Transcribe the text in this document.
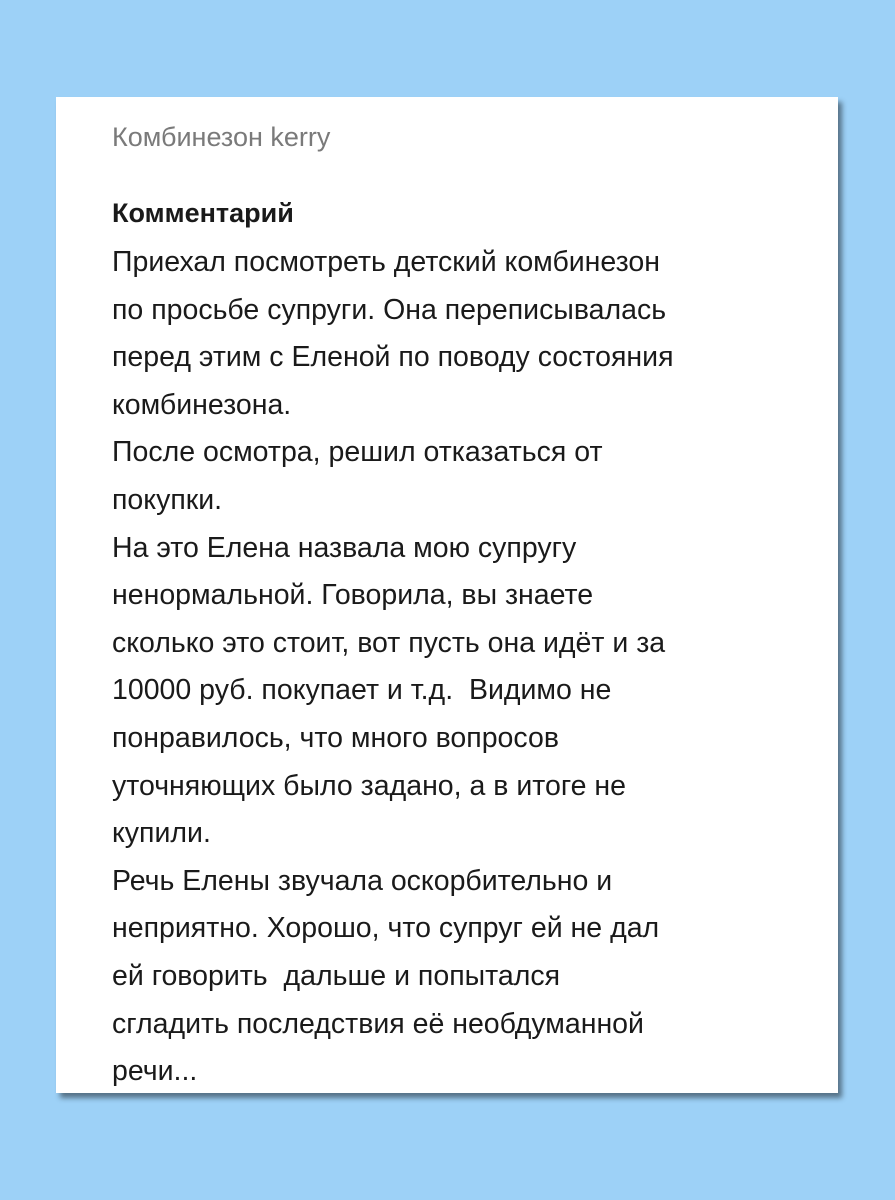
Комбинезон kerry
Комментарий
Приехал посмотреть детский комбинезон
по просьбе супруги. Она переписывалась
перед этим с Еленой по поводу состояния
комбинезона.
После осмотра, решил отказаться от
покупки.
На это Елена назвала мою супругу
ненормальной. Говорила, вы знаете
сколько это стоит, вот пусть она идёт и за
10000 руб. покупает и т.д.  Видимо не
понравилось, что много вопросов
уточняющих было задано, а в итоге не
купили.
Речь Елены звучала оскорбительно и
неприятно. Хорошо, что супруг ей не дал
ей говорить  дальше и попытался
сгладить последствия её необдуманной
речи...
